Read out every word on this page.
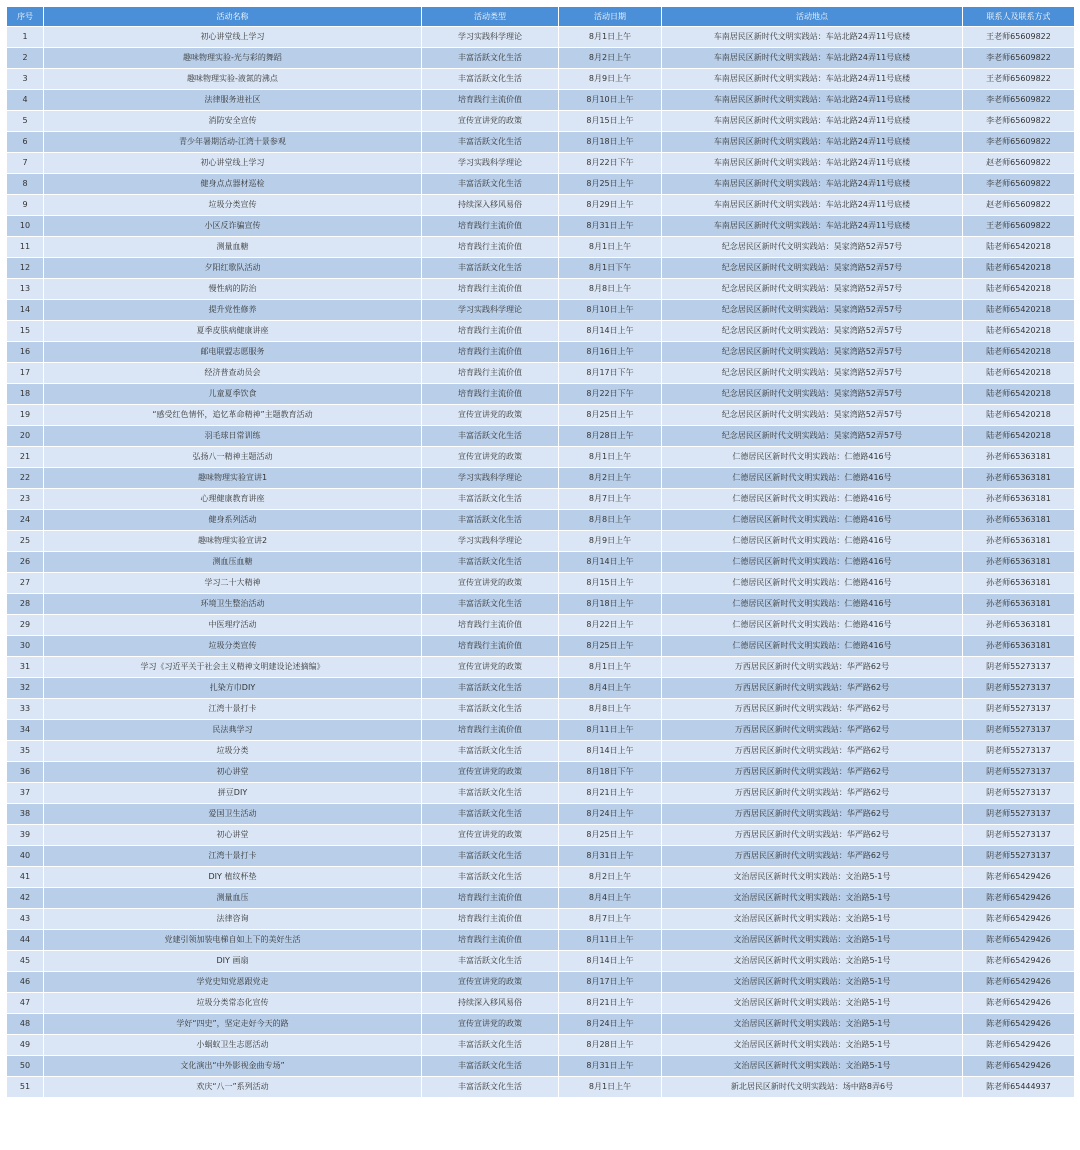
序号	活动名称	活动类型	活动日期	活动地点	联系人及联系方式
1	初心讲堂线上学习	学习实践科学理论	8月1日上午	车南居民区新时代文明实践站：车站北路24弄11号底楼	王老师65609822
2	趣味物理实验-光与彩的舞蹈	丰富活跃文化生活	8月2日上午	车南居民区新时代文明实践站：车站北路24弄11号底楼	李老师65609822
3	趣味物理实验-液氮的沸点	丰富活跃文化生活	8月9日上午	车南居民区新时代文明实践站：车站北路24弄11号底楼	王老师65609822
4	法律服务进社区	培育践行主流价值	8月10日上午	车南居民区新时代文明实践站：车站北路24弄11号底楼	李老师65609822
5	消防安全宣传	宣传宣讲党的政策	8月15日上午	车南居民区新时代文明实践站：车站北路24弄11号底楼	李老师65609822
6	青少年暑期活动-江湾十景参观	丰富活跃文化生活	8月18日上午	车南居民区新时代文明实践站：车站北路24弄11号底楼	李老师65609822
7	初心讲堂线上学习	学习实践科学理论	8月22日下午	车南居民区新时代文明实践站：车站北路24弄11号底楼	赵老师65609822
8	健身点点器材巡检	丰富活跃文化生活	8月25日上午	车南居民区新时代文明实践站：车站北路24弄11号底楼	李老师65609822
9	垃圾分类宣传	持续深入移风易俗	8月29日上午	车南居民区新时代文明实践站：车站北路24弄11号底楼	赵老师65609822
10	小区反诈骗宣传	培育践行主流价值	8月31日上午	车南居民区新时代文明实践站：车站北路24弄11号底楼	王老师65609822
11	测量血糖	培育践行主流价值	8月1日上午	纪念居民区新时代文明实践站：昊家湾路52弄57号	陆老师65420218
12	夕阳红歌队活动	丰富活跃文化生活	8月1日下午	纪念居民区新时代文明实践站：昊家湾路52弄57号	陆老师65420218
13	慢性病的防治	培育践行主流价值	8月8日上午	纪念居民区新时代文明实践站：昊家湾路52弄57号	陆老师65420218
14	提升党性修养	学习实践科学理论	8月10日上午	纪念居民区新时代文明实践站：昊家湾路52弄57号	陆老师65420218
15	夏季皮肤病健康讲座	培育践行主流价值	8月14日上午	纪念居民区新时代文明实践站：昊家湾路52弄57号	陆老师65420218
16	邮电联盟志愿服务	培育践行主流价值	8月16日上午	纪念居民区新时代文明实践站：昊家湾路52弄57号	陆老师65420218
17	经济普查动员会	培育践行主流价值	8月17日下午	纪念居民区新时代文明实践站：昊家湾路52弄57号	陆老师65420218
18	儿童夏季饮食	培育践行主流价值	8月22日下午	纪念居民区新时代文明实践站：昊家湾路52弄57号	陆老师65420218
19	“感受红色情怀，追忆革命精神”主题教育活动	宣传宣讲党的政策	8月25日上午	纪念居民区新时代文明实践站：昊家湾路52弄57号	陆老师65420218
20	羽毛球日常训练	丰富活跃文化生活	8月28日上午	纪念居民区新时代文明实践站：昊家湾路52弄57号	陆老师65420218
21	弘扬八一精神主题活动	宣传宣讲党的政策	8月1日上午	仁德居民区新时代文明实践站：仁德路416号	孙老师65363181
22	趣味物理实验宣讲1	学习实践科学理论	8月2日上午	仁德居民区新时代文明实践站：仁德路416号	孙老师65363181
23	心理健康教育讲座	丰富活跃文化生活	8月7日上午	仁德居民区新时代文明实践站：仁德路416号	孙老师65363181
24	健身系列活动	丰富活跃文化生活	8月8日上午	仁德居民区新时代文明实践站：仁德路416号	孙老师65363181
25	趣味物理实验宣讲2	学习实践科学理论	8月9日上午	仁德居民区新时代文明实践站：仁德路416号	孙老师65363181
26	测血压血糖	丰富活跃文化生活	8月14日上午	仁德居民区新时代文明实践站：仁德路416号	孙老师65363181
27	学习二十大精神	宣传宣讲党的政策	8月15日上午	仁德居民区新时代文明实践站：仁德路416号	孙老师65363181
28	环境卫生整治活动	丰富活跃文化生活	8月18日上午	仁德居民区新时代文明实践站：仁德路416号	孙老师65363181
29	中医理疗活动	培育践行主流价值	8月22日上午	仁德居民区新时代文明实践站：仁德路416号	孙老师65363181
30	垃圾分类宣传	培育践行主流价值	8月25日上午	仁德居民区新时代文明实践站：仁德路416号	孙老师65363181
31	学习《习近平关于社会主义精神文明建设论述摘编》	宣传宣讲党的政策	8月1日上午	万西居民区新时代文明实践站：华严路62号	阴老师55273137
32	扎染方巾DIY	丰富活跃文化生活	8月4日上午	万西居民区新时代文明实践站：华严路62号	阴老师55273137
33	江湾十景打卡	丰富活跃文化生活	8月8日上午	万西居民区新时代文明实践站：华严路62号	阴老师55273137
34	民法典学习	培育践行主流价值	8月11日上午	万西居民区新时代文明实践站：华严路62号	阴老师55273137
35	垃圾分类	丰富活跃文化生活	8月14日上午	万西居民区新时代文明实践站：华严路62号	阴老师55273137
36	初心讲堂	宣传宣讲党的政策	8月18日下午	万西居民区新时代文明实践站：华严路62号	阴老师55273137
37	拼豆DIY	丰富活跃文化生活	8月21日上午	万西居民区新时代文明实践站：华严路62号	阴老师55273137
38	爱国卫生活动	丰富活跃文化生活	8月24日上午	万西居民区新时代文明实践站：华严路62号	阴老师55273137
39	初心讲堂	宣传宣讲党的政策	8月25日上午	万西居民区新时代文明实践站：华严路62号	阴老师55273137
40	江湾十景打卡	丰富活跃文化生活	8月31日上午	万西居民区新时代文明实践站：华严路62号	阴老师55273137
41	DIY 植纹杯垫	丰富活跃文化生活	8月2日上午	文治居民区新时代文明实践站：文治路5-1号	陈老师65429426
42	测量血压	培育践行主流价值	8月4日上午	文治居民区新时代文明实践站：文治路5-1号	陈老师65429426
43	法律咨询	培育践行主流价值	8月7日上午	文治居民区新时代文明实践站：文治路5-1号	陈老师65429426
44	党建引领加装电梯自如上下的美好生活	培育践行主流价值	8月11日上午	文治居民区新时代文明实践站：文治路5-1号	陈老师65429426
45	DIY 画扇	丰富活跃文化生活	8月14日上午	文治居民区新时代文明实践站：文治路5-1号	陈老师65429426
46	学党史知党恩跟党走	宣传宣讲党的政策	8月17日上午	文治居民区新时代文明实践站：文治路5-1号	陈老师65429426
47	垃圾分类常态化宣传	持续深入移风易俗	8月21日上午	文治居民区新时代文明实践站：文治路5-1号	陈老师65429426
48	学好“四史”，坚定走好今天的路	宣传宣讲党的政策	8月24日上午	文治居民区新时代文明实践站：文治路5-1号	陈老师65429426
49	小蜗蚁卫生志愿活动	丰富活跃文化生活	8月28日上午	文治居民区新时代文明实践站：文治路5-1号	陈老师65429426
50	文化演出“中外影视金曲专场”	丰富活跃文化生活	8月31日上午	文治居民区新时代文明实践站：文治路5-1号	陈老师65429426
51	欢庆“八一”系列活动	丰富活跃文化生活	8月1日上午	新北居民区新时代文明实践站：场中路8弄6号	陈老师65444937
